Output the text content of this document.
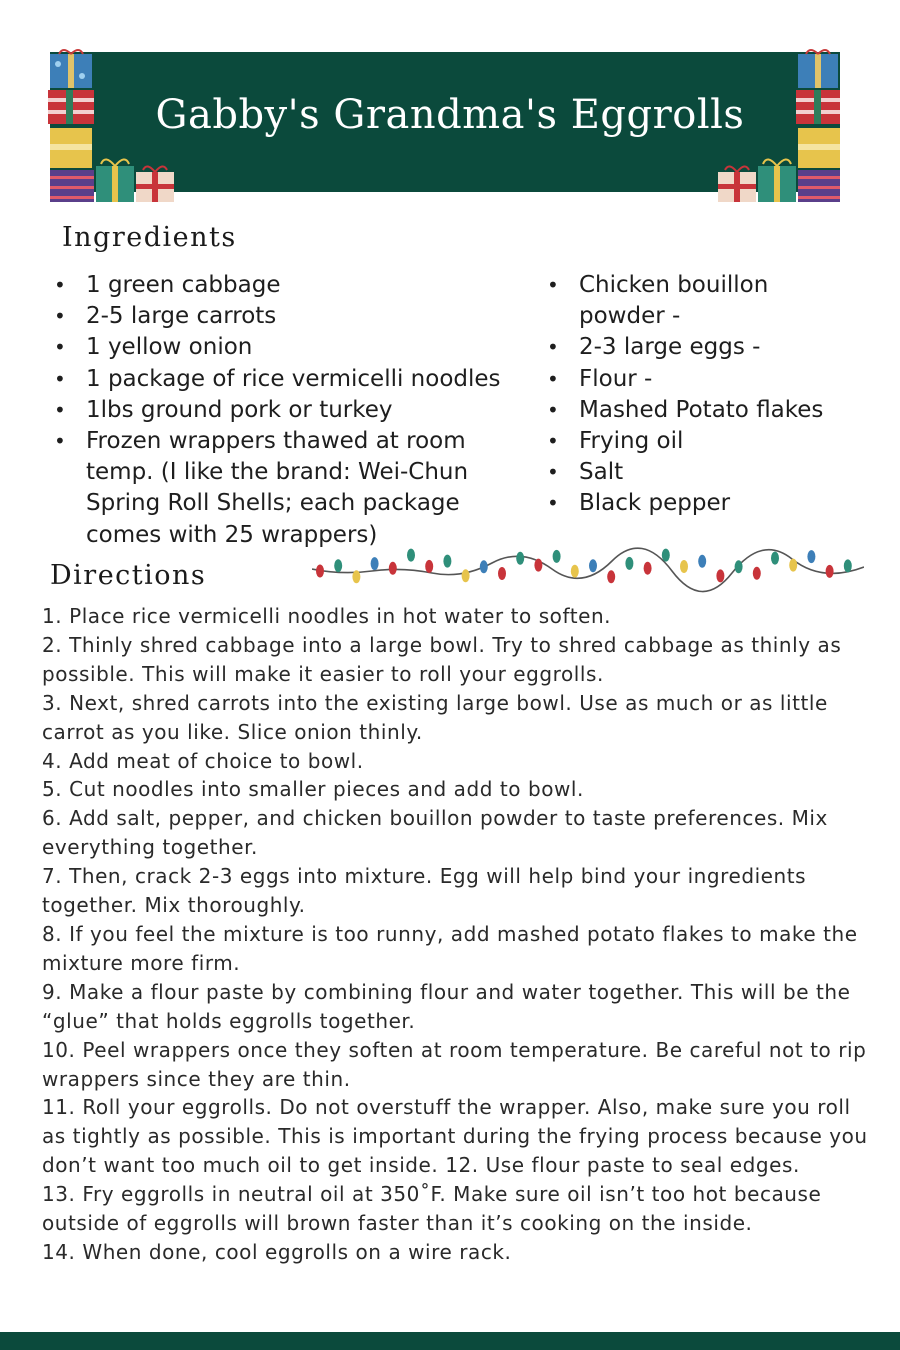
Gabby's Grandma's Eggrolls
Ingredients
• 1 green cabbage
• 2-5 large carrots
• 1 yellow onion
• 1 package of rice vermicelli noodles
• 1lbs ground pork or turkey
• Frozen wrappers thawed at room temp. (I like the brand: Wei-Chun Spring Roll Shells; each package comes with 25 wrappers)
• Chicken bouillon powder -
• 2-3 large eggs -
• Flour -
• Mashed Potato flakes
• Frying oil
• Salt
• Black pepper
Directions
1. Place rice vermicelli noodles in hot water to soften.
2. Thinly shred cabbage into a large bowl. Try to shred cabbage as thinly as possible. This will make it easier to roll your eggrolls.
3. Next, shred carrots into the existing large bowl. Use as much or as little carrot as you like. Slice onion thinly.
4. Add meat of choice to bowl.
5. Cut noodles into smaller pieces and add to bowl.
6. Add salt, pepper, and chicken bouillon powder to taste preferences. Mix everything together.
7. Then, crack 2-3 eggs into mixture. Egg will help bind your ingredients together. Mix thoroughly.
8. If you feel the mixture is too runny, add mashed potato flakes to make the mixture more firm.
9. Make a flour paste by combining flour and water together. This will be the “glue” that holds eggrolls together.
10. Peel wrappers once they soften at room temperature. Be careful not to rip wrappers since they are thin.
11. Roll your eggrolls. Do not overstuff the wrapper. Also, make sure you roll as tightly as possible. This is important during the frying process because you don’t want too much oil to get inside. 12. Use flour paste to seal edges.
13. Fry eggrolls in neutral oil at 350˚F. Make sure oil isn’t too hot because outside of eggrolls will brown faster than it’s cooking on the inside.
14. When done, cool eggrolls on a wire rack.
